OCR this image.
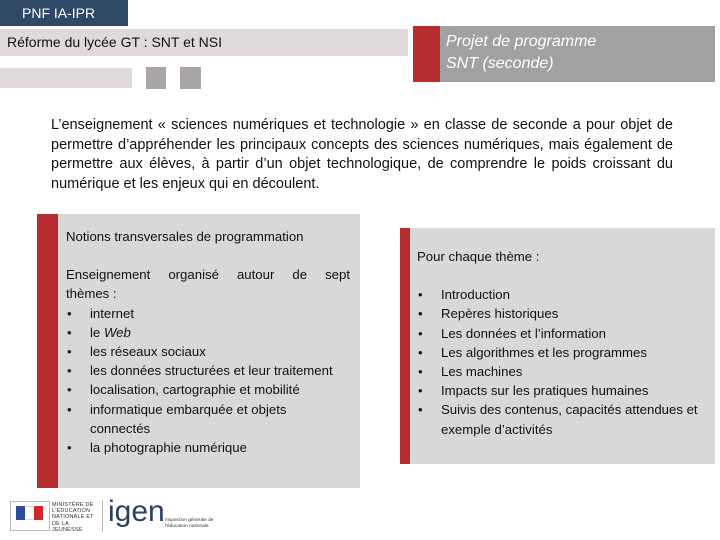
PNF IA-IPR
Réforme du lycée GT : SNT et NSI	Projet de programme
SNT (seconde)
L’enseignement « sciences numériques et technologie » en classe de seconde a pour objet de permettre d’appréhender les principaux concepts des sciences numériques, mais également de permettre aux élèves, à partir d’un objet technologique, de comprendre le poids croissant du numérique et les enjeux qui en découlent.
Notions transversales de programmation
Enseignement organisé autour de sept
thèmes :
• internet
• le Web
• les réseaux sociaux
• les données structurées et leur traitement
• localisation, cartographie et mobilité
• informatique embarquée et objets connectés
• la photographie numérique
Pour chaque thème :
• Introduction
• Repères historiques
• Les données et l’information
• Les algorithmes et les programmes
• Les machines
• Impacts sur les pratiques humaines
• Suivis des contenus, capacités attendues et exemple d’activités
MINISTÈRE DE L'ÉDUCATION NATIONALE ET DE LA JEUNESSE
igen Inspection générale de l'éducation nationale
